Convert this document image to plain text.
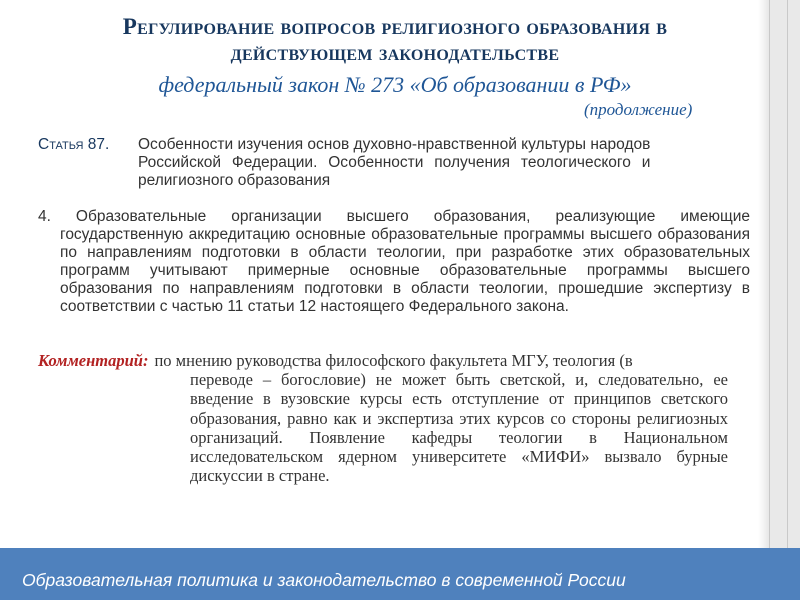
Регулирование вопросов религиозного образования в
действующем законодательстве
федеральный закон № 273 «Об образовании в РФ»
(продолжение)
Статья 87.	Особенности изучения основ духовно-нравственной культуры народов
Российской Федерации. Особенности получения теологического и
религиозного образования
4. Образовательные организации высшего образования, реализующие имеющие государственную аккредитацию основные образовательные программы высшего образования по направлениям подготовки в области теологии, при разработке этих образовательных программ учитывают примерные основные образовательные программы высшего образования по направлениям подготовки в области теологии, прошедшие экспертизу в соответствии с частью 11 статьи 12 настоящего Федерального закона.
Комментарий: по мнению руководства философского факультета МГУ, теология (в
переводе – богословие) не может быть светской, и, следовательно, ее введение в вузовские курсы есть отступление от принципов светского образования, равно как и экспертиза этих курсов со стороны религиозных организаций. Появление кафедры теологии в Национальном исследовательском ядерном университете «МИФИ» вызвало бурные дискуссии в стране.
Образовательная политика и законодательство в современной России
